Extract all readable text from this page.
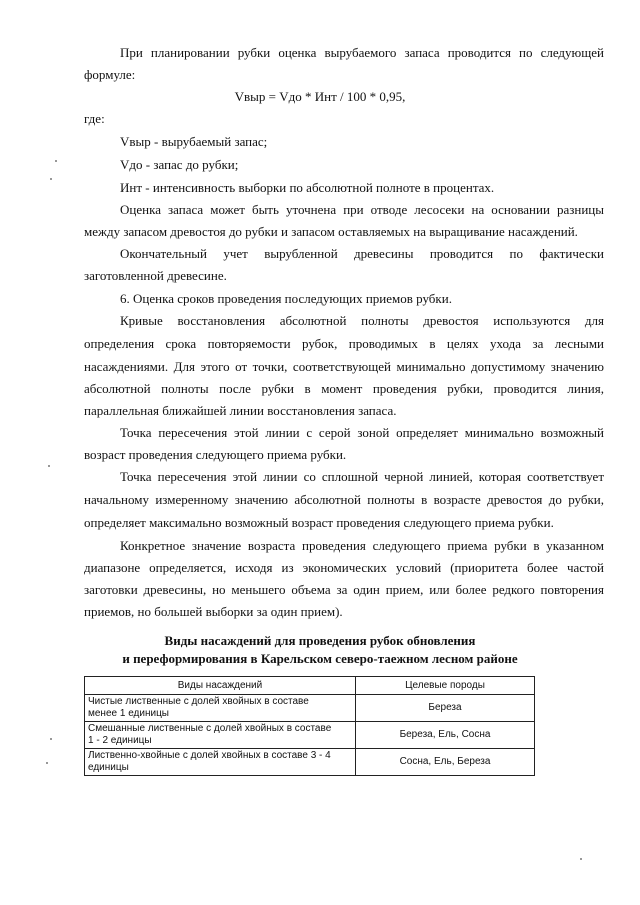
При планировании рубки оценка вырубаемого запаса проводится по следующей
формуле:
Vвыр = Vдо * Инт / 100 * 0,95,
где:
Vвыр - вырубаемый запас;
Vдо - запас до рубки;
Инт - интенсивность выборки по абсолютной полноте в процентах.
Оценка запаса может быть уточнена при отводе лесосеки на основании разницы
между запасом древостоя до рубки и запасом оставляемых на выращивание насаждений.
Окончательный учет вырубленной древесины проводится по фактически
заготовленной древесине.
6. Оценка сроков проведения последующих приемов рубки.
Кривые восстановления абсолютной полноты древостоя используются для
определения срока повторяемости рубок, проводимых в целях ухода за лесными
насаждениями. Для этого от точки, соответствующей минимально допустимому значению
абсолютной полноты после рубки в момент проведения рубки, проводится линия,
параллельная ближайшей линии восстановления запаса.
Точка пересечения этой линии с серой зоной определяет минимально возможный
возраст проведения следующего приема рубки.
Точка пересечения этой линии со сплошной черной линией, которая соответствует
начальному измеренному значению абсолютной полноты в возрасте древостоя до рубки,
определяет максимально возможный возраст проведения следующего приема рубки.
Конкретное значение возраста проведения следующего приема рубки в указанном
диапазоне определяется, исходя из экономических условий (приоритета более частой
заготовки древесины, но меньшего объема за один прием, или более редкого повторения
приемов, но большей выборки за один прием).
Виды насаждений для проведения рубок обновления
и переформирования в Карельском северо-таежном лесном районе
Виды насаждений	Целевые породы

Чистые лиственные с долей хвойных в составе
менее 1 единицы	Береза

Смешанные лиственные с долей хвойных в составе
1 - 2 единицы	Береза, Ель, Сосна

Лиственно-хвойные с долей хвойных в составе 3 - 4
единицы	Сосна, Ель, Береза
